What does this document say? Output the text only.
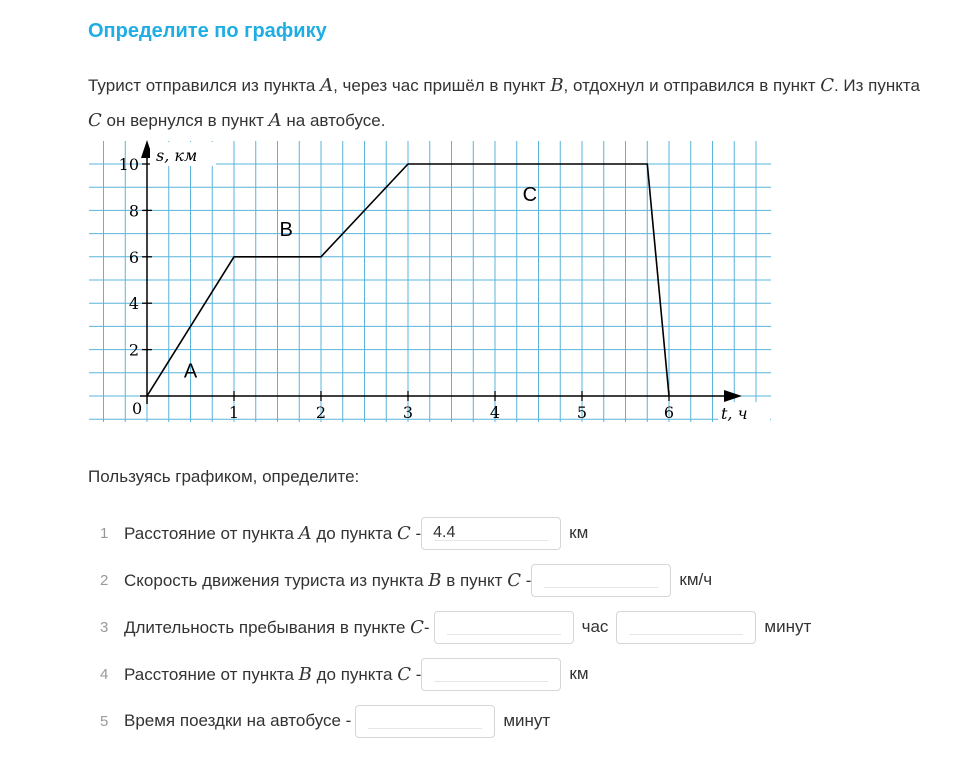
Определите по графику
Турист отправился из пункта A, через час пришёл в пункт B, отдохнул и отправился в пункт C. Из пункта C он вернулся в пункт A на автобусе.
1	2	3	4	5	6
2
4
6
8
10 s, км
t, ч
0
A
B
C
Пользуясь графиком, определите:
1 Расстояние от пункта A до пункта C - 4.4	км
2 Скорость движения туриста из пункта B в пункт C -	км/ч
3 Длительность пребывания в пункте C-	час	минут
4 Расстояние от пункта B до пункта C -	км
5 Время поездки на автобусе -	минут
